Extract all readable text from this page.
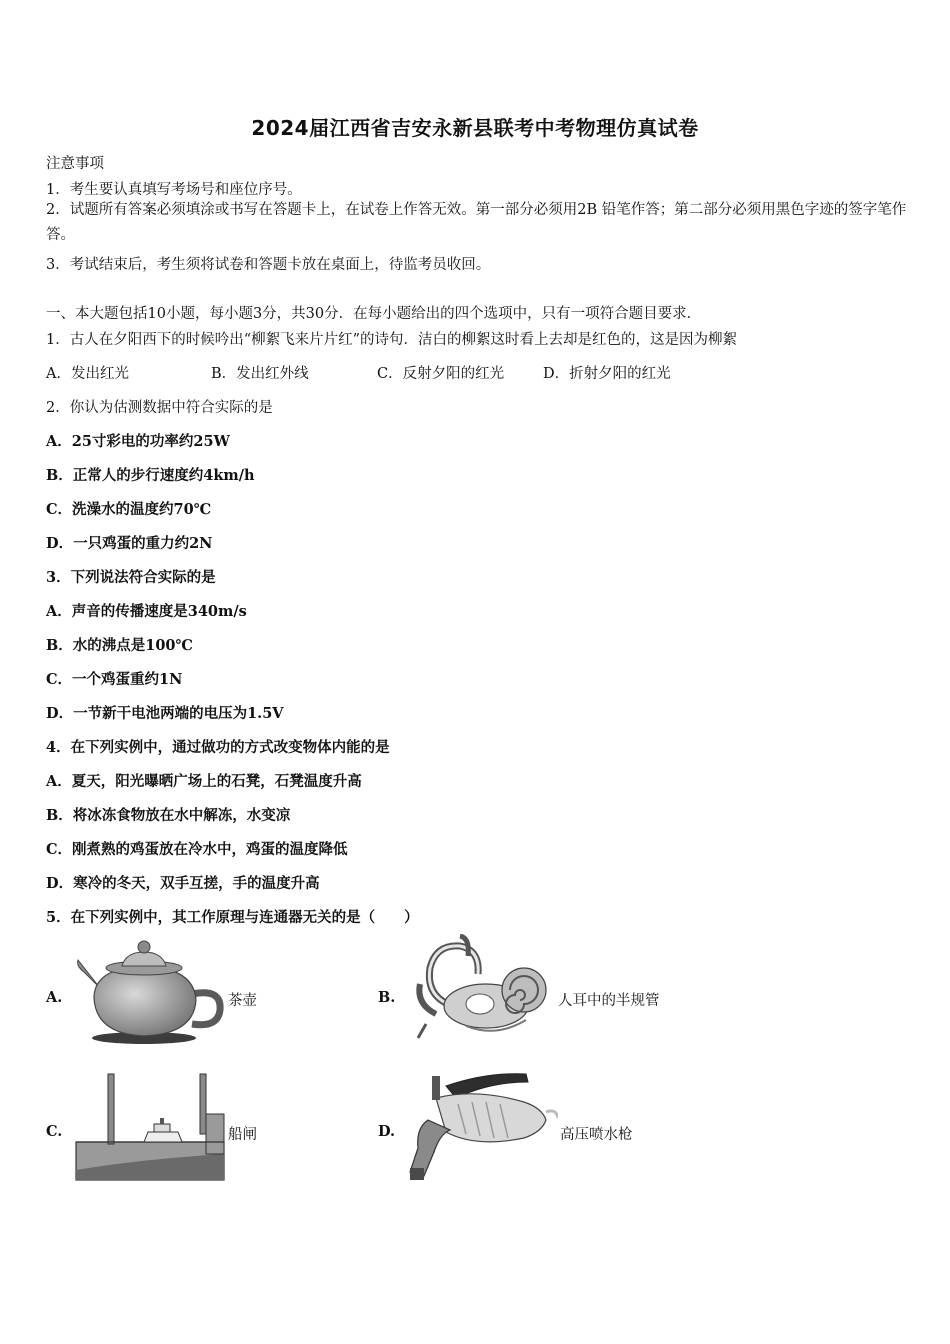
2024届江西省吉安永新县联考中考物理仿真试卷
注意事项
1．考生要认真填写考场号和座位序号。
2．试题所有答案必须填涂或书写在答题卡上，在试卷上作答无效。第一部分必须用2B 铅笔作答；第二部分必须用黑色字迹的签字笔作答。
3．考试结束后，考生须将试卷和答题卡放在桌面上，待监考员收回。
一、本大题包括10小题，每小题3分，共30分．在每小题给出的四个选项中，只有一项符合题目要求．
1．古人在夕阳西下的时候吟出“柳絮飞来片片红”的诗句．洁白的柳絮这时看上去却是红色的，这是因为柳絮
A．发出红光	B．发出红外线	C．反射夕阳的红光	D．折射夕阳的红光
2．你认为估测数据中符合实际的是
A．25寸彩电的功率约25W
B．正常人的步行速度约4km/h
C．洗澡水的温度约70℃
D．一只鸡蛋的重力约2N
3．下列说法符合实际的是
A．声音的传播速度是340m/s
B．水的沸点是100℃
C．一个鸡蛋重约1N
D．一节新干电池两端的电压为1.5V
4．在下列实例中，通过做功的方式改变物体内能的是
A．夏天，阳光曝晒广场上的石凳，石凳温度升高
B．将冰冻食物放在水中解冻，水变凉
C．刚煮熟的鸡蛋放在冷水中，鸡蛋的温度降低
D．寒冷的冬天，双手互搓，手的温度升高
5．在下列实例中，其工作原理与连通器无关的是（　　）
A.	茶壶	B.	人耳中的半规管
C.	船闸	D.	高压喷水枪
